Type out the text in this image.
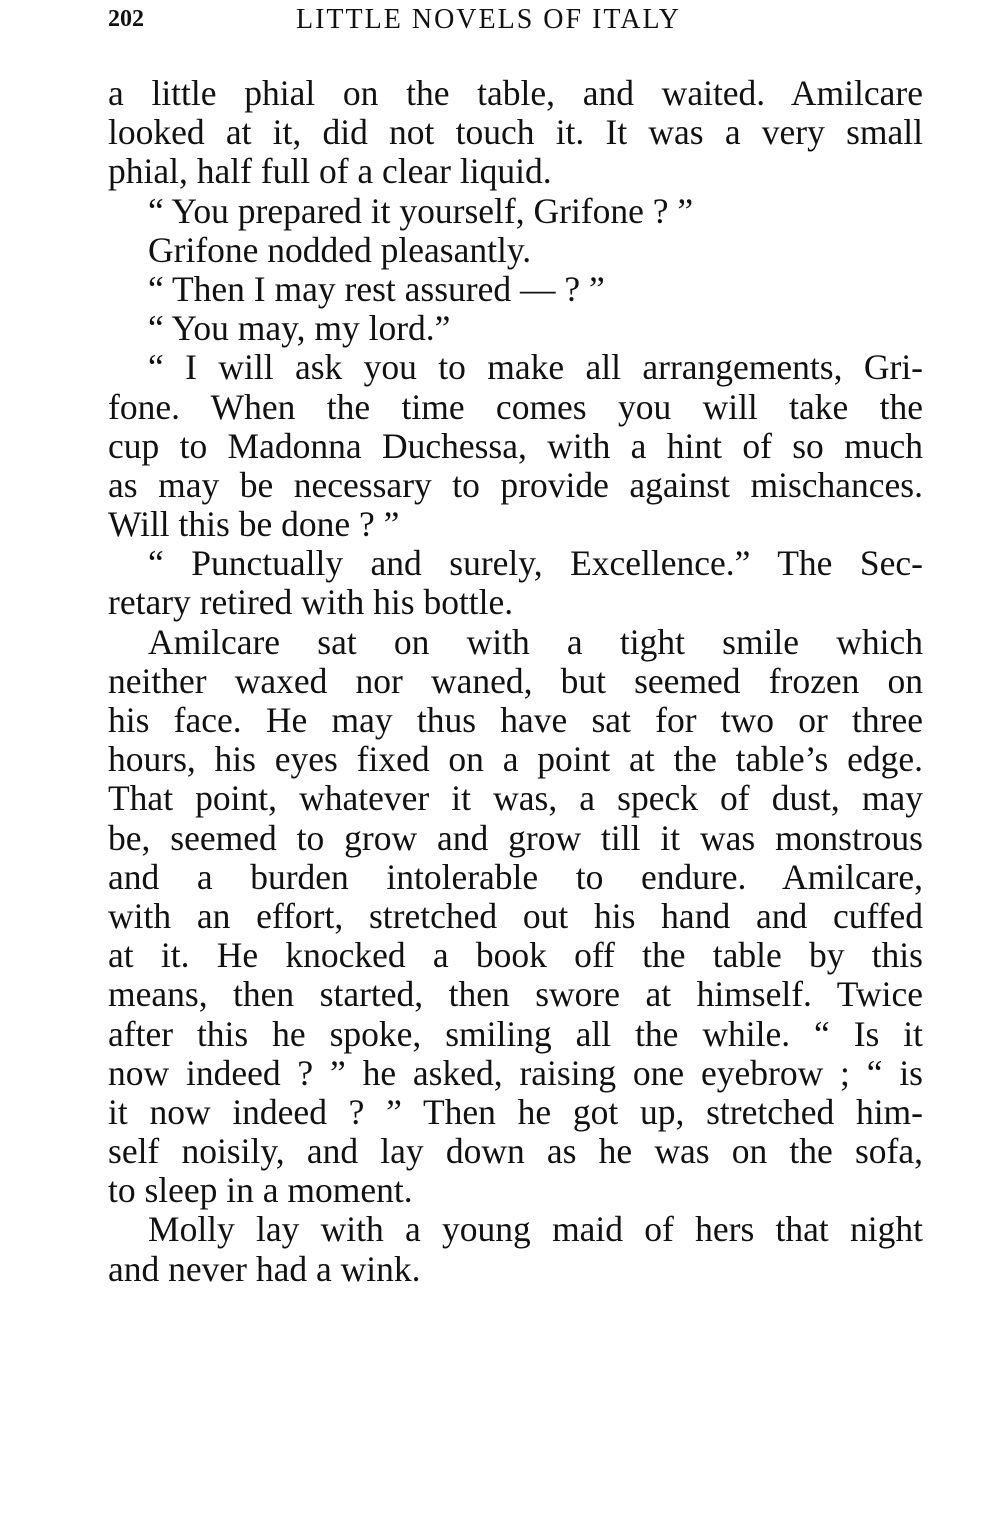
202	LITTLE NOVELS OF ITALY
a little phial on the table, and waited. Amilcare
looked at it, did not touch it. It was a very small
phial, half full of a clear liquid.
“ You prepared it yourself, Grifone ? ”
Grifone nodded pleasantly.
“ Then I may rest assured — ? ”
“ You may, my lord.”
“ I will ask you to make all arrangements, Gri-
fone. When the time comes you will take the
cup to Madonna Duchessa, with a hint of so much
as may be necessary to provide against mischances.
Will this be done ? ”
“ Punctually and surely, Excellence.” The Sec-
retary retired with his bottle.
Amilcare sat on with a tight smile which
neither waxed nor waned, but seemed frozen on
his face. He may thus have sat for two or three
hours, his eyes fixed on a point at the table’s edge.
That point, whatever it was, a speck of dust, may
be, seemed to grow and grow till it was monstrous
and a burden intolerable to endure. Amilcare,
with an effort, stretched out his hand and cuffed
at it. He knocked a book off the table by this
means, then started, then swore at himself. Twice
after this he spoke, smiling all the while. “ Is it
now indeed ? ” he asked, raising one eyebrow ; “ is
it now indeed ? ” Then he got up, stretched him-
self noisily, and lay down as he was on the sofa,
to sleep in a moment.
Molly lay with a young maid of hers that night
and never had a wink.
